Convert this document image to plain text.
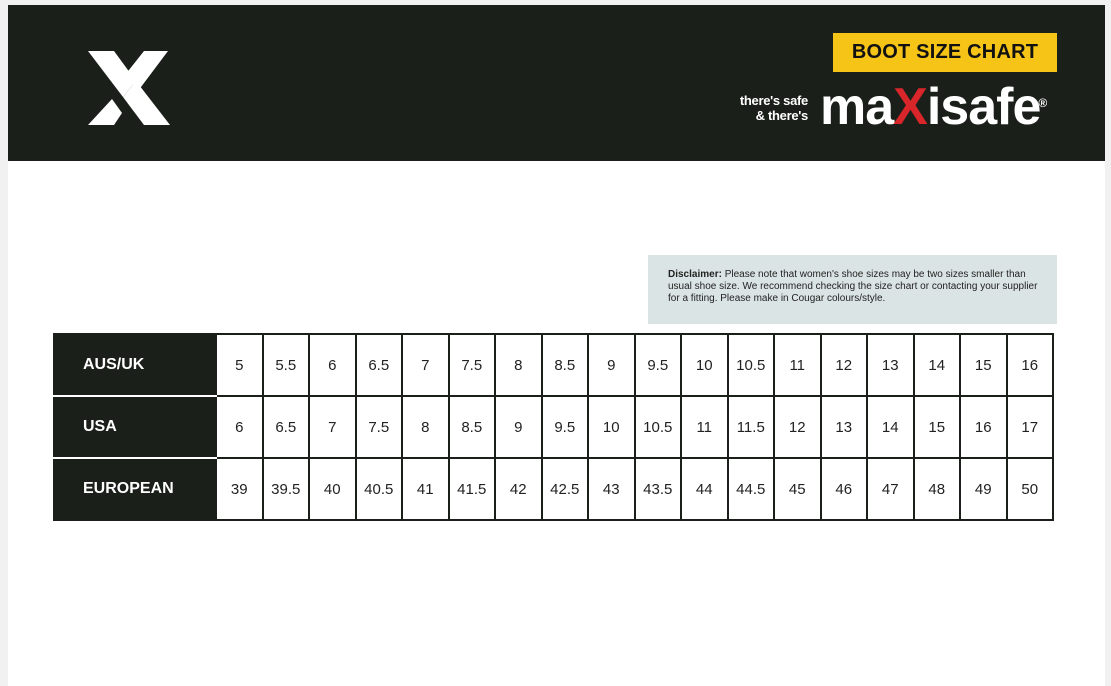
BOOT SIZE CHART
there's safe
& there's maXisafe®
Disclaimer: Please note that women's shoe sizes may be two sizes smaller than usual shoe size. We recommend checking the size chart or contacting your supplier for a fitting. Please make in Cougar colours/style.
AUS/UK	5	5.5	6	6.5	7	7.5	8	8.5	9	9.5	10	10.5	11	12	13	14	15	16
USA	6	6.5	7	7.5	8	8.5	9	9.5	10	10.5	11	11.5	12	13	14	15	16	17
EUROPEAN	39	39.5	40	40.5	41	41.5	42	42.5	43	43.5	44	44.5	45	46	47	48	49	50
